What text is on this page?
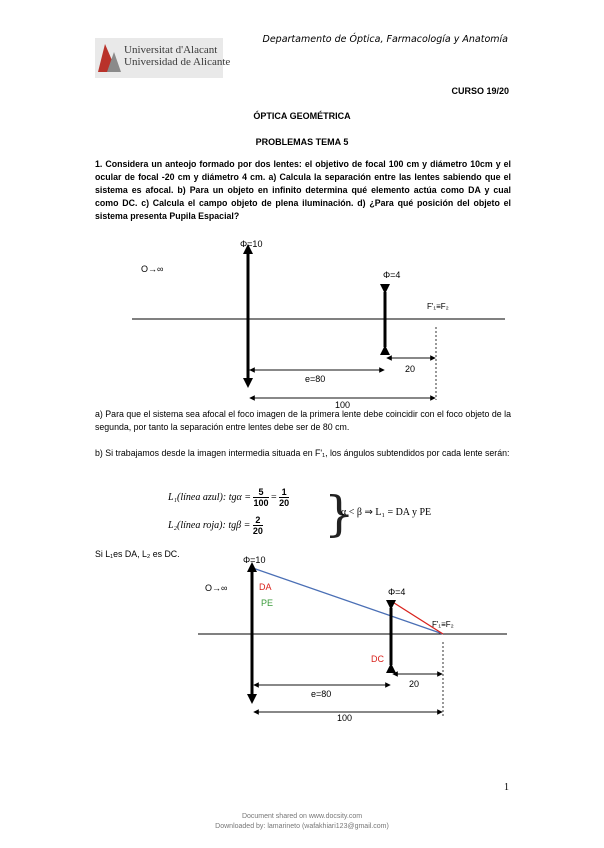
Departamento de Óptica, Farmacología y Anatomía
Universitat d'Alacant
Universidad de Alicante
CURSO 19/20
ÓPTICA GEOMÉTRICA
PROBLEMAS TEMA 5
1. Considera un anteojo formado por dos lentes: el objetivo de focal 100 cm y diámetro 10cm y el ocular de focal -20 cm y diámetro 4 cm. a) Calcula la separación entre las lentes sabiendo que el sistema es afocal. b) Para un objeto en infinito determina qué elemento actúa como DA y cual como DC. c) Calcula el campo objeto de plena iluminación. d) ¿Para qué posición del objeto el sistema presenta Pupila Espacial?
Φ=10
Φ=4
O→∞
F'₁≡F₂
e=80
20
100
a) Para que el sistema sea afocal el foco imagen de la primera lente debe coincidir con el foco objeto de la segunda, por tanto la separación entre lentes debe ser de 80 cm.
b) Si trabajamos desde la imagen intermedia situada en F'₁, los ángulos subtendidos por cada lente serán:
L₁(línea azul): $tg\alpha = \frac{5}{100} = \frac{1}{20}$
L₂(línea roja): $tg\beta = \frac{2}{20}$ }
α < β ⇒ L₁ = DA y PE
Si L₁es DA, L₂ es DC.
Φ=10
Φ=4
O→∞
F'₁≡F₂
DA
PE
DC
e=80
20
100
1
Document shared on www.docsity.com
Downloaded by: lamarineto (wafakhiari123@gmail.com)
